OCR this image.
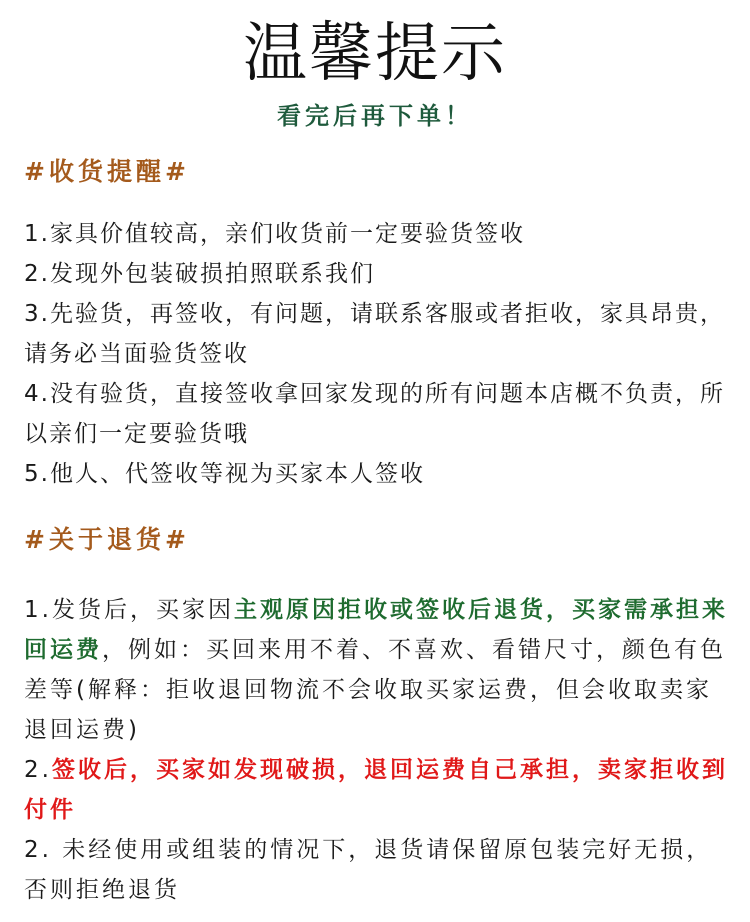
温馨提示
看完后再下单！
#收货提醒#
1.家具价值较高，亲们收货前一定要验货签收
2.发现外包装破损拍照联系我们
3.先验货，再签收，有问题，请联系客服或者拒收，家具昂贵，请务必当面验货签收
4.没有验货，直接签收拿回家发现的所有问题本店概不负责，所以亲们一定要验货哦
5.他人、代签收等视为买家本人签收
#关于退货#
1.发货后，买家因主观原因拒收或签收后退货，买家需承担来回运费，例如：买回来用不着、不喜欢、看错尺寸，颜色有色差等(解释：拒收退回物流不会收取买家运费，但会收取卖家退回运费)
2.签收后，买家如发现破损，退回运费自己承担，卖家拒收到付件
2. 未经使用或组装的情况下，退货请保留原包装完好无损，否则拒绝退货
